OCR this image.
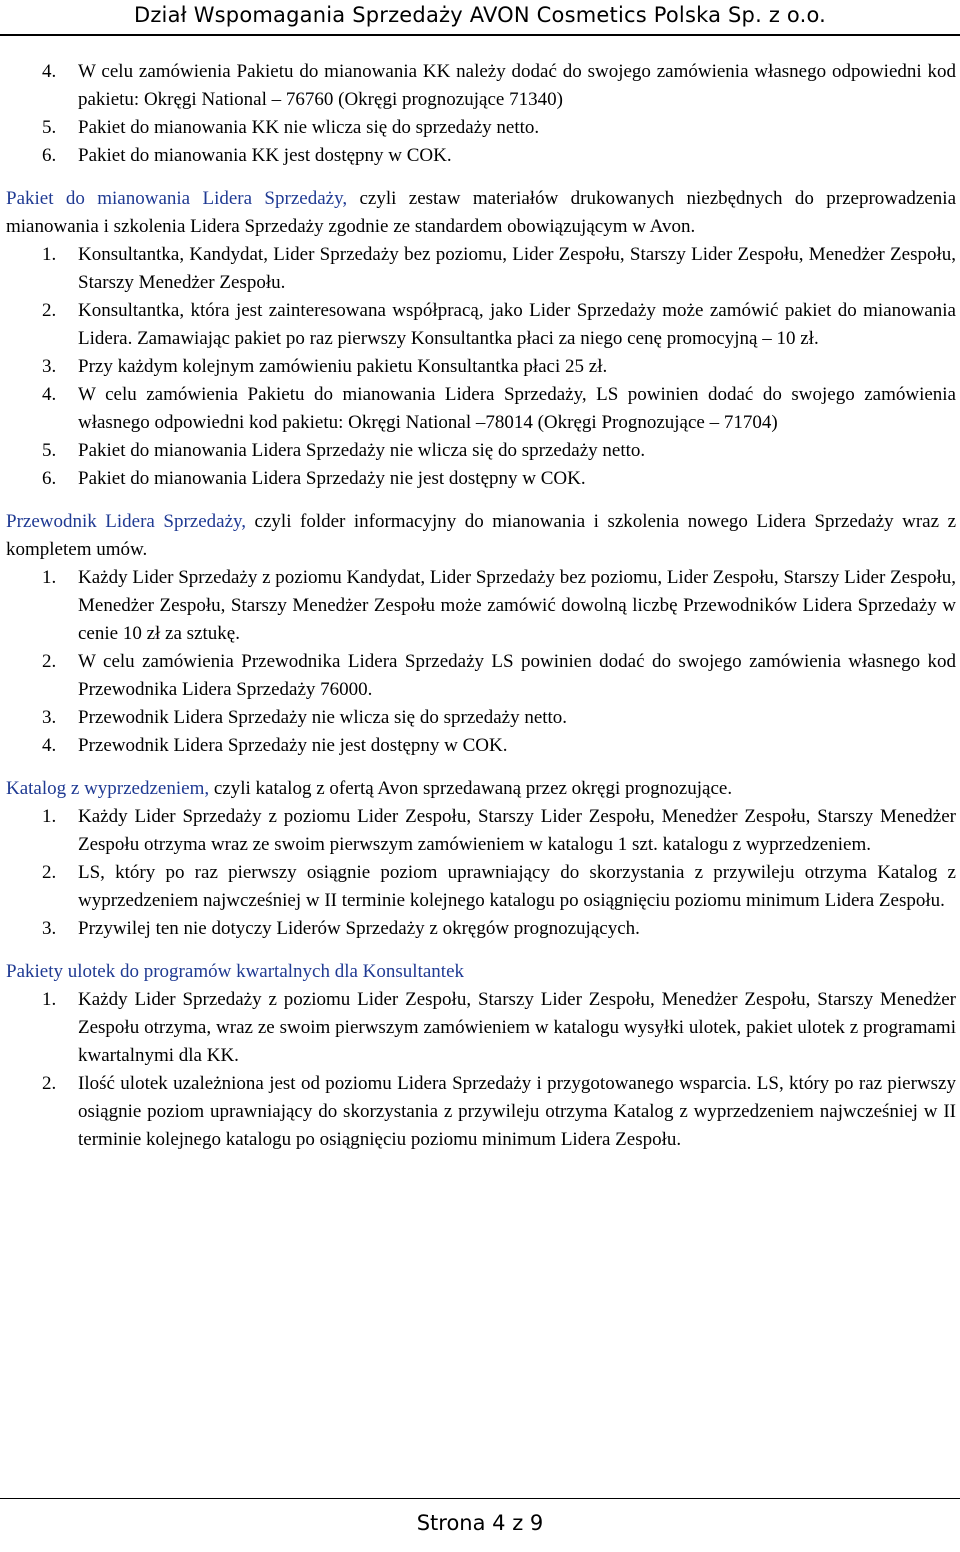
Dział Wspomagania Sprzedaży AVON Cosmetics Polska Sp. z o.o.
4. W celu zamówienia Pakietu do mianowania KK należy dodać do swojego zamówienia własnego odpowiedni kod pakietu: Okręgi National – 76760 (Okręgi prognozujące 71340)
5. Pakiet do mianowania KK nie wlicza się do sprzedaży netto.
6. Pakiet do mianowania KK jest dostępny w COK.
Pakiet do mianowania Lidera Sprzedaży, czyli zestaw materiałów drukowanych niezbędnych do przeprowadzenia mianowania i szkolenia Lidera Sprzedaży zgodnie ze standardem obowiązującym w Avon.
1. Konsultantka, Kandydat, Lider Sprzedaży bez poziomu, Lider Zespołu, Starszy Lider Zespołu, Menedżer Zespołu, Starszy Menedżer Zespołu.
2. Konsultantka, która jest zainteresowana współpracą, jako Lider Sprzedaży może zamówić pakiet do mianowania Lidera. Zamawiając pakiet po raz pierwszy Konsultantka płaci za niego cenę promocyjną – 10 zł.
3. Przy każdym kolejnym zamówieniu pakietu Konsultantka płaci 25 zł.
4. W celu zamówienia Pakietu do mianowania Lidera Sprzedaży, LS powinien dodać do swojego zamówienia własnego odpowiedni kod pakietu: Okręgi National –78014 (Okręgi Prognozujące – 71704)
5. Pakiet do mianowania Lidera Sprzedaży nie wlicza się do sprzedaży netto.
6. Pakiet do mianowania Lidera Sprzedaży nie jest dostępny w COK.
Przewodnik Lidera Sprzedaży, czyli folder informacyjny do mianowania i szkolenia nowego Lidera Sprzedaży wraz z kompletem umów.
1. Każdy Lider Sprzedaży z poziomu Kandydat, Lider Sprzedaży bez poziomu, Lider Zespołu, Starszy Lider Zespołu, Menedżer Zespołu, Starszy Menedżer Zespołu może zamówić dowolną liczbę Przewodników Lidera Sprzedaży w cenie 10 zł za sztukę.
2. W celu zamówienia Przewodnika Lidera Sprzedaży LS powinien dodać do swojego zamówienia własnego kod Przewodnika Lidera Sprzedaży 76000.
3. Przewodnik Lidera Sprzedaży nie wlicza się do sprzedaży netto.
4. Przewodnik Lidera Sprzedaży nie jest dostępny w COK.
Katalog z wyprzedzeniem, czyli katalog z ofertą Avon sprzedawaną przez okręgi prognozujące.
1. Każdy Lider Sprzedaży z poziomu Lider Zespołu, Starszy Lider Zespołu, Menedżer Zespołu, Starszy Menedżer Zespołu otrzyma wraz ze swoim pierwszym zamówieniem w katalogu 1 szt. katalogu z wyprzedzeniem.
2. LS, który po raz pierwszy osiągnie poziom uprawniający do skorzystania z przywileju otrzyma Katalog z wyprzedzeniem najwcześniej w II terminie kolejnego katalogu po osiągnięciu poziomu minimum Lidera Zespołu.
3. Przywilej ten nie dotyczy Liderów Sprzedaży z okręgów prognozujących.
Pakiety ulotek do programów kwartalnych dla Konsultantek
1. Każdy Lider Sprzedaży z poziomu Lider Zespołu, Starszy Lider Zespołu, Menedżer Zespołu, Starszy Menedżer Zespołu otrzyma, wraz ze swoim pierwszym zamówieniem w katalogu wysyłki ulotek, pakiet ulotek z programami kwartalnymi dla KK.
2. Ilość ulotek uzależniona jest od poziomu Lidera Sprzedaży i przygotowanego wsparcia. LS, który po raz pierwszy osiągnie poziom uprawniający do skorzystania z przywileju otrzyma Katalog z wyprzedzeniem najwcześniej w II terminie kolejnego katalogu po osiągnięciu poziomu minimum Lidera Zespołu.
Strona 4 z 9
